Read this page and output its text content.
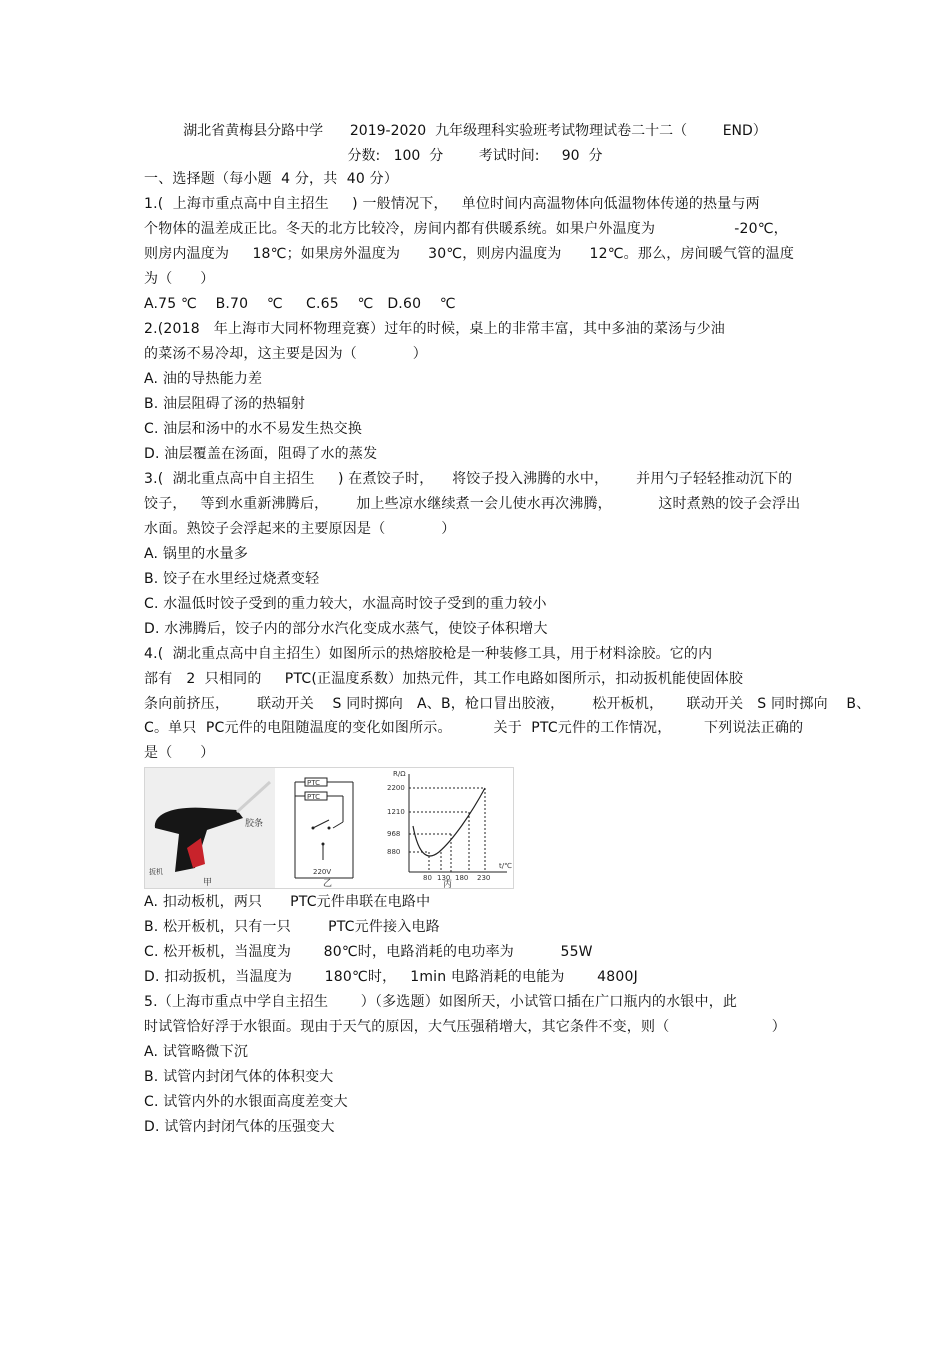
湖北省黄梅县分路中学      2019-2020  九年级理科实验班考试物理试卷二十二（        END）
分数:   100  分        考试时间:     90  分
一、选择题（每小题  4 分，共  40 分）
1.(  上海市重点高中自主招生     ) 一般情况下，   单位时间内高温物体向低温物体传递的热量与两
个物体的温差成正比。冬天的北方比较冷，房间内都有供暖系统。如果户外温度为                 -20℃，
则房内温度为     18℃；如果房外温度为      30℃，则房内温度为      12℃。那么，房间暖气管的温度
为（      ）
A.75 ℃    B.70    ℃     C.65    ℃   D.60    ℃
2.(2018   年上海市大同杯物理竞赛）过年的时候，桌上的非常丰富，其中多油的菜汤与少油
的菜汤不易冷却，这主要是因为（            ）
A. 油的导热能力差
B. 油层阻碍了汤的热辐射
C. 油层和汤中的水不易发生热交换
D. 油层覆盖在汤面，阻碍了水的蒸发
3.(  湖北重点高中自主招生     ) 在煮饺子时，    将饺子投入沸腾的水中，      并用勺子轻轻推动沉下的
饺子，   等到水重新沸腾后，      加上些凉水继续煮一会儿使水再次沸腾，          这时煮熟的饺子会浮出
水面。熟饺子会浮起来的主要原因是（            ）
A. 锅里的水量多
B. 饺子在水里经过烧煮变轻
C. 水温低时饺子受到的重力较大，水温高时饺子受到的重力较小
D. 水沸腾后，饺子内的部分水汽化变成水蒸气，使饺子体积增大
4.(  湖北重点高中自主招生）如图所示的热熔胶枪是一种装修工具，用于材料涂胶。它的内
部有   2  只相同的     PTC(正温度系数）加热元件，其工作电路如图所示，扣动扳机能使固体胶
条向前挤压，      联动开关    S 同时掷向   A、B，枪口冒出胶液，      松开板机，     联动开关   S 同时掷向    B、
C。单只  PC元件的电阻随温度的变化如图所示。         关于  PTC元件的工作情况，       下列说法正确的
是（      ）
胶条
扳机
甲
PTC
PTC
220V
乙
R/Ω
t/℃
2200
1210
968
880
80 130 180 230
丙
A. 扣动板机，两只      PTC元件串联在电路中
B. 松开板机，只有一只        PTC元件接入电路
C. 松开板机，当温度为       80℃时，电路消耗的电功率为          55W
D. 扣动扳机，当温度为       180℃时，   1min 电路消耗的电能为       4800J
5.（上海市重点中学自主招生       ）（多选题）如图所天，小试管口插在广口瓶内的水银中，此
时试管恰好浮于水银面。现由于天气的原因，大气压强稍增大，其它条件不变，则（                      ）
A. 试管略微下沉
B. 试管内封闭气体的体积变大
C. 试管内外的水银面高度差变大
D. 试管内封闭气体的压强变大
